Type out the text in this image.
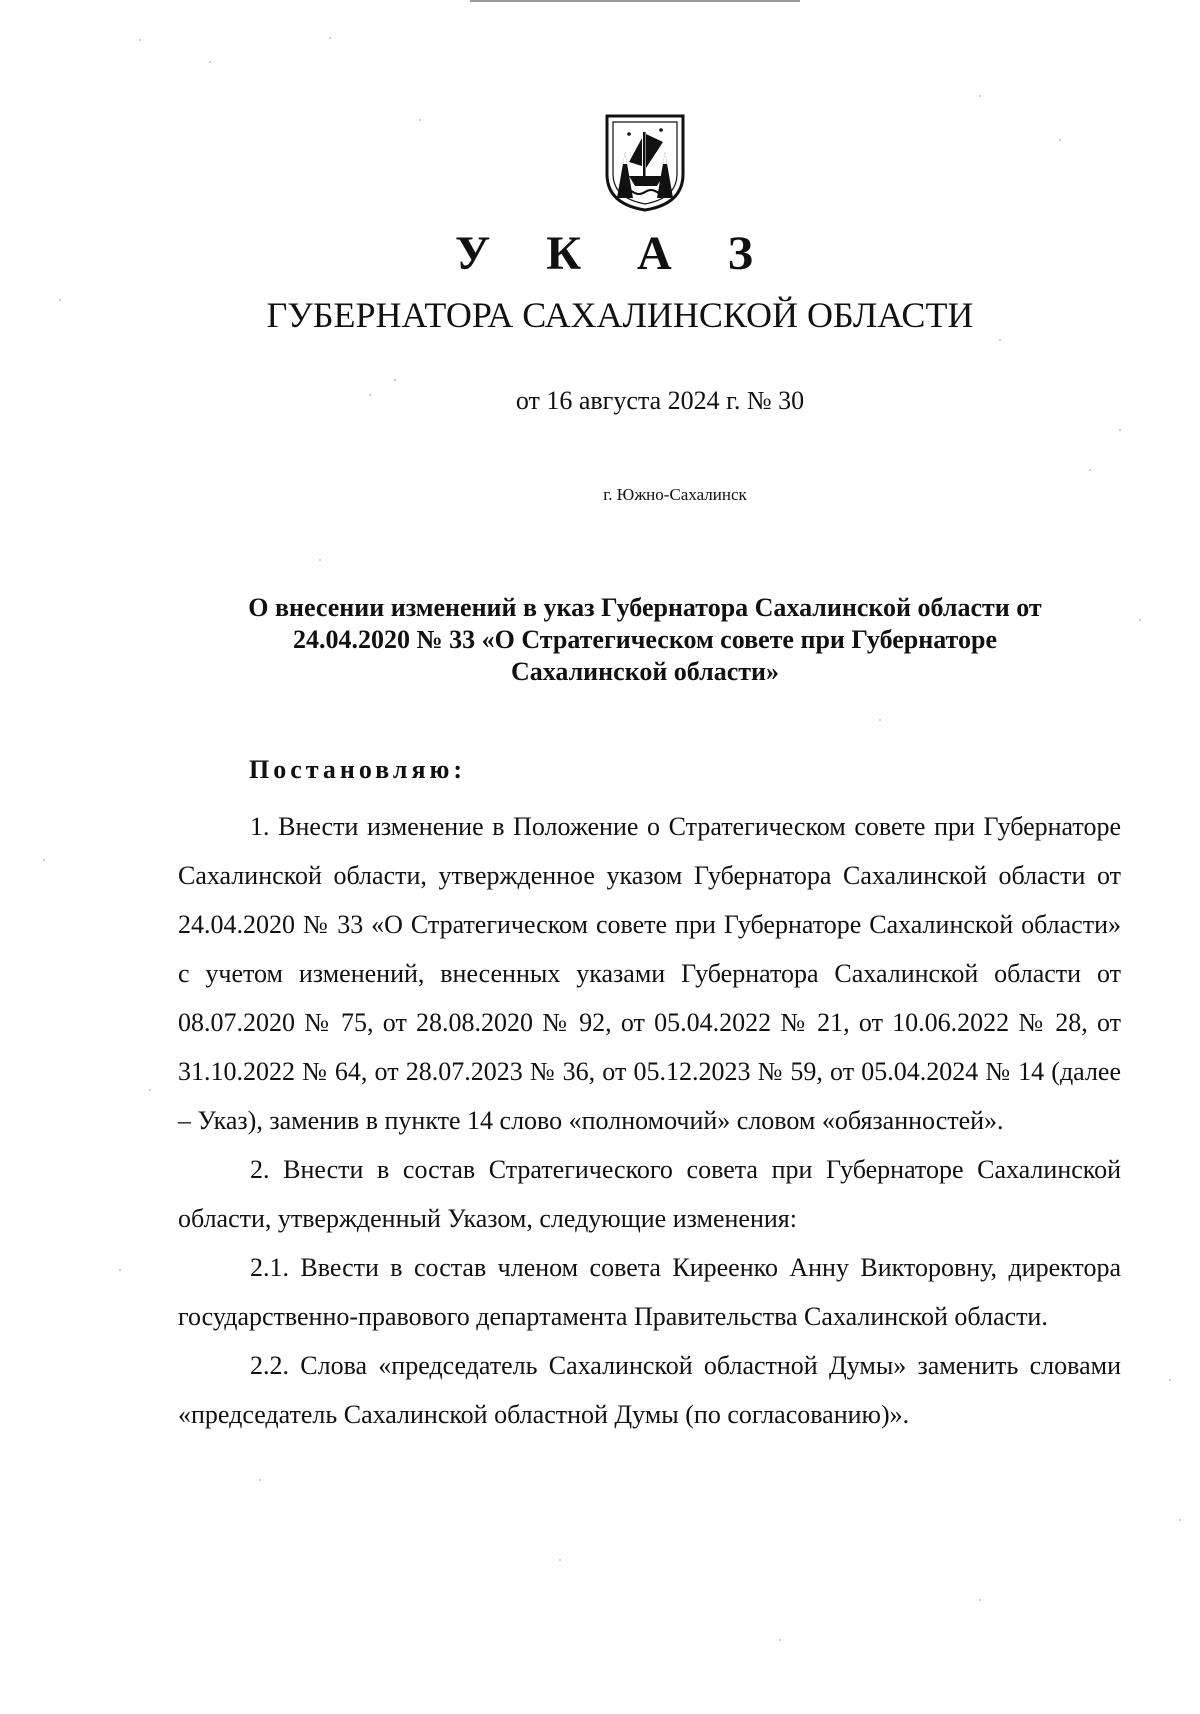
У К А З
ГУБЕРНАТОРА САХАЛИНСКОЙ ОБЛАСТИ
от 16 августа 2024 г. № 30
г. Южно-Сахалинск
О внесении изменений в указ Губернатора Сахалинской области от
24.04.2020 № 33 «О Стратегическом совете при Губернаторе
Сахалинской области»
Постановляю:

1. Внести изменение в Положение о Стратегическом совете при Губернаторе Сахалинской области, утвержденное указом Губернатора Сахалинской области от 24.04.2020 № 33 «О Стратегическом совете при Губернаторе Сахалинской области» с учетом изменений, внесенных указами Губернатора Сахалинской области от 08.07.2020 № 75, от 28.08.2020 № 92, от 05.04.2022 № 21, от 10.06.2022 № 28, от 31.10.2022 № 64, от 28.07.2023 № 36, от 05.12.2023 № 59, от 05.04.2024 № 14 (далее – Указ), заменив в пункте 14 слово «полномочий» словом «обязанностей».

2. Внести в состав Стратегического совета при Губернаторе Сахалинской области, утвержденный Указом, следующие изменения:

2.1. Ввести в состав членом совета Киреенко Анну Викторовну, директора государственно-правового департамента Правительства Сахалинской области.

2.2. Слова «председатель Сахалинской областной Думы» заменить словами «председатель Сахалинской областной Думы (по согласованию)».
